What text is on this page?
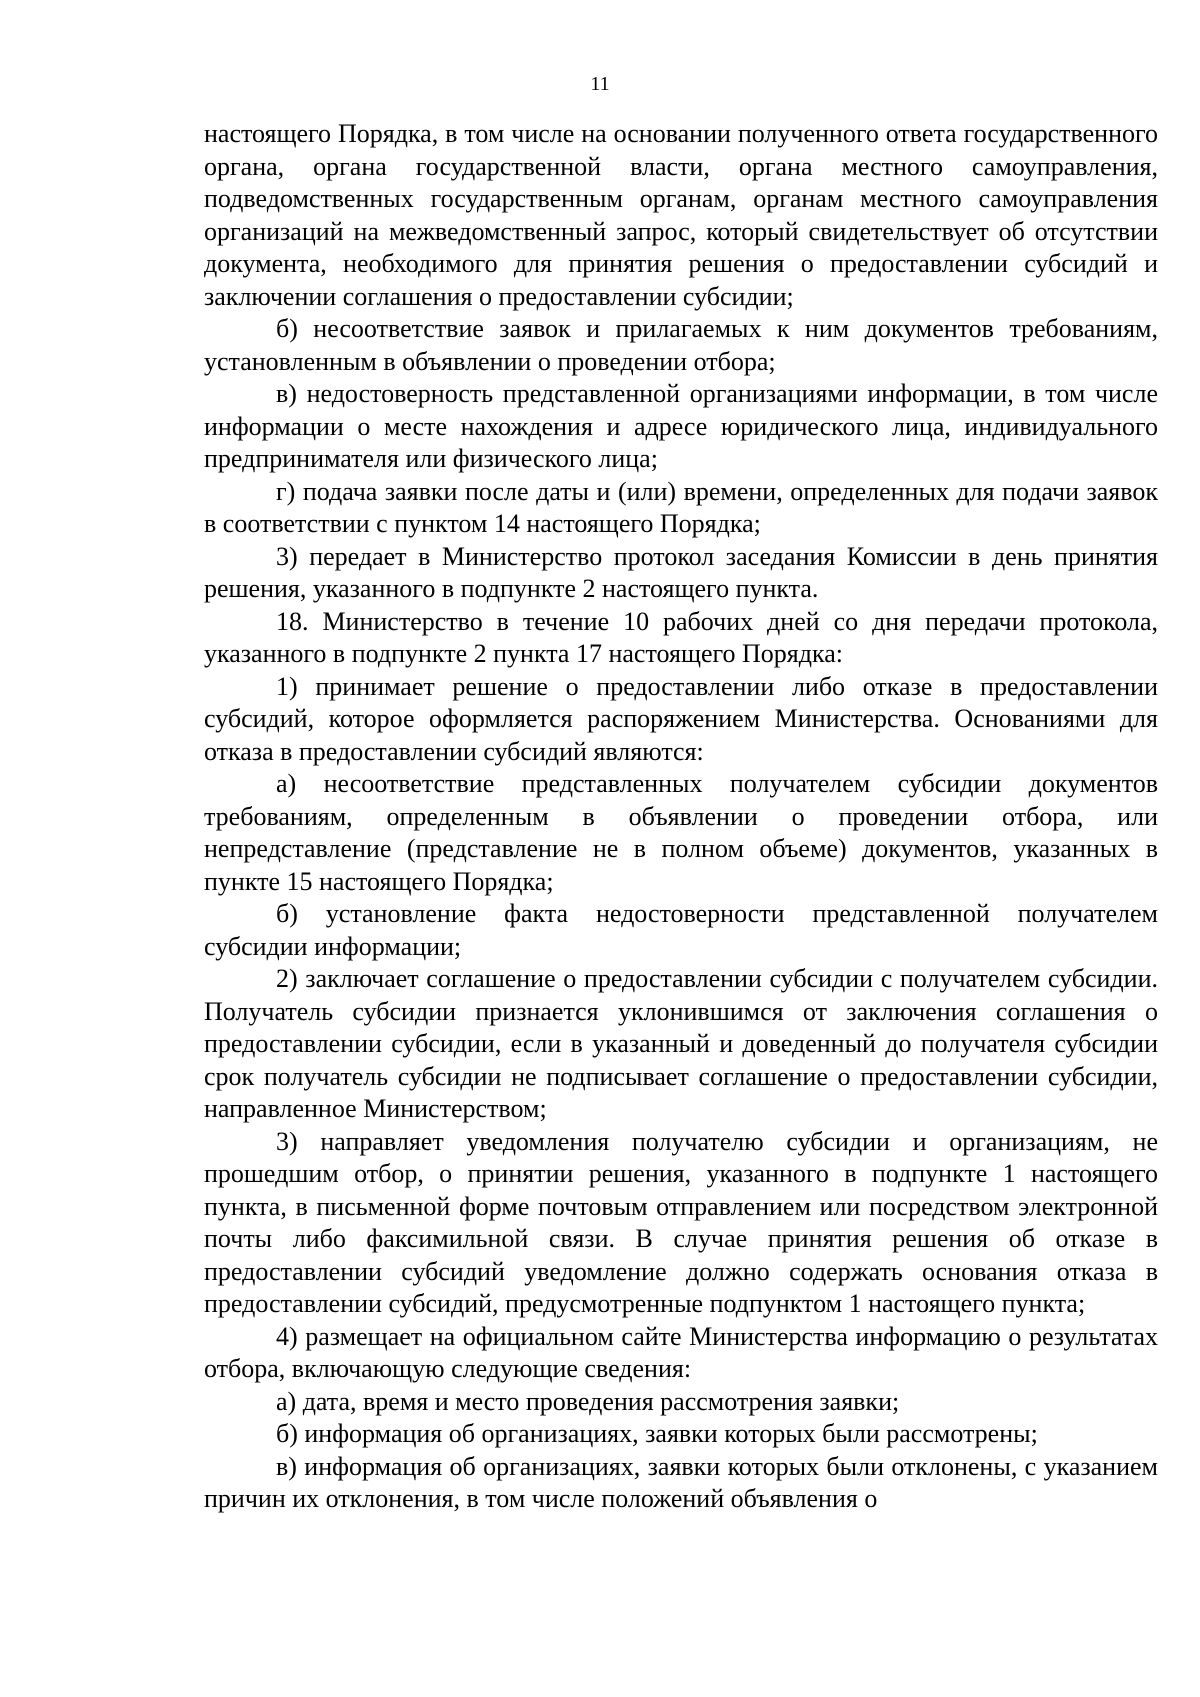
11

настоящего Порядка, в том числе на основании полученного ответа государственного органа, органа государственной власти, органа местного самоуправления, подведомственных государственным органам, органам местного самоуправления организаций на межведомственный запрос, который свидетельствует об отсутствии документа, необходимого для принятия решения о предоставлении субсидий и заключении соглашения о предоставлении субсидии;

б) несоответствие заявок и прилагаемых к ним документов требованиям, установленным в объявлении о проведении отбора;

в) недостоверность представленной организациями информации, в том числе информации о месте нахождения и адресе юридического лица, индивидуального предпринимателя или физического лица;

г) подача заявки после даты и (или) времени, определенных для подачи заявок в соответствии с пунктом 14 настоящего Порядка;

3) передает в Министерство протокол заседания Комиссии в день принятия решения, указанного в подпункте 2 настоящего пункта.

18. Министерство в течение 10 рабочих дней со дня передачи протокола, указанного в подпункте 2 пункта 17 настоящего Порядка:

1) принимает решение о предоставлении либо отказе в предоставлении субсидий, которое оформляется распоряжением Министерства. Основаниями для отказа в предоставлении субсидий являются:

а) несоответствие представленных получателем субсидии документов требованиям, определенным в объявлении о проведении отбора, или непредставление (представление не в полном объеме) документов, указанных в пункте 15 настоящего Порядка;

б) установление факта недостоверности представленной получателем субсидии информации;

2) заключает соглашение о предоставлении субсидии с получателем субсидии. Получатель субсидии признается уклонившимся от заключения соглашения о предоставлении субсидии, если в указанный и доведенный до получателя субсидии срок получатель субсидии не подписывает соглашение о предоставлении субсидии, направленное Министерством;

3) направляет уведомления получателю субсидии и организациям, не прошедшим отбор, о принятии решения, указанного в подпункте 1 настоящего пункта, в письменной форме почтовым отправлением или посредством электронной почты либо факсимильной связи. В случае принятия решения об отказе в предоставлении субсидий уведомление должно содержать основания отказа в предоставлении субсидий, предусмотренные подпунктом 1 настоящего пункта;

4) размещает на официальном сайте Министерства информацию о результатах отбора, включающую следующие сведения:

а) дата, время и место проведения рассмотрения заявки;

б) информация об организациях, заявки которых были рассмотрены;

в) информация об организациях, заявки которых были отклонены, с указанием причин их отклонения, в том числе положений объявления о
